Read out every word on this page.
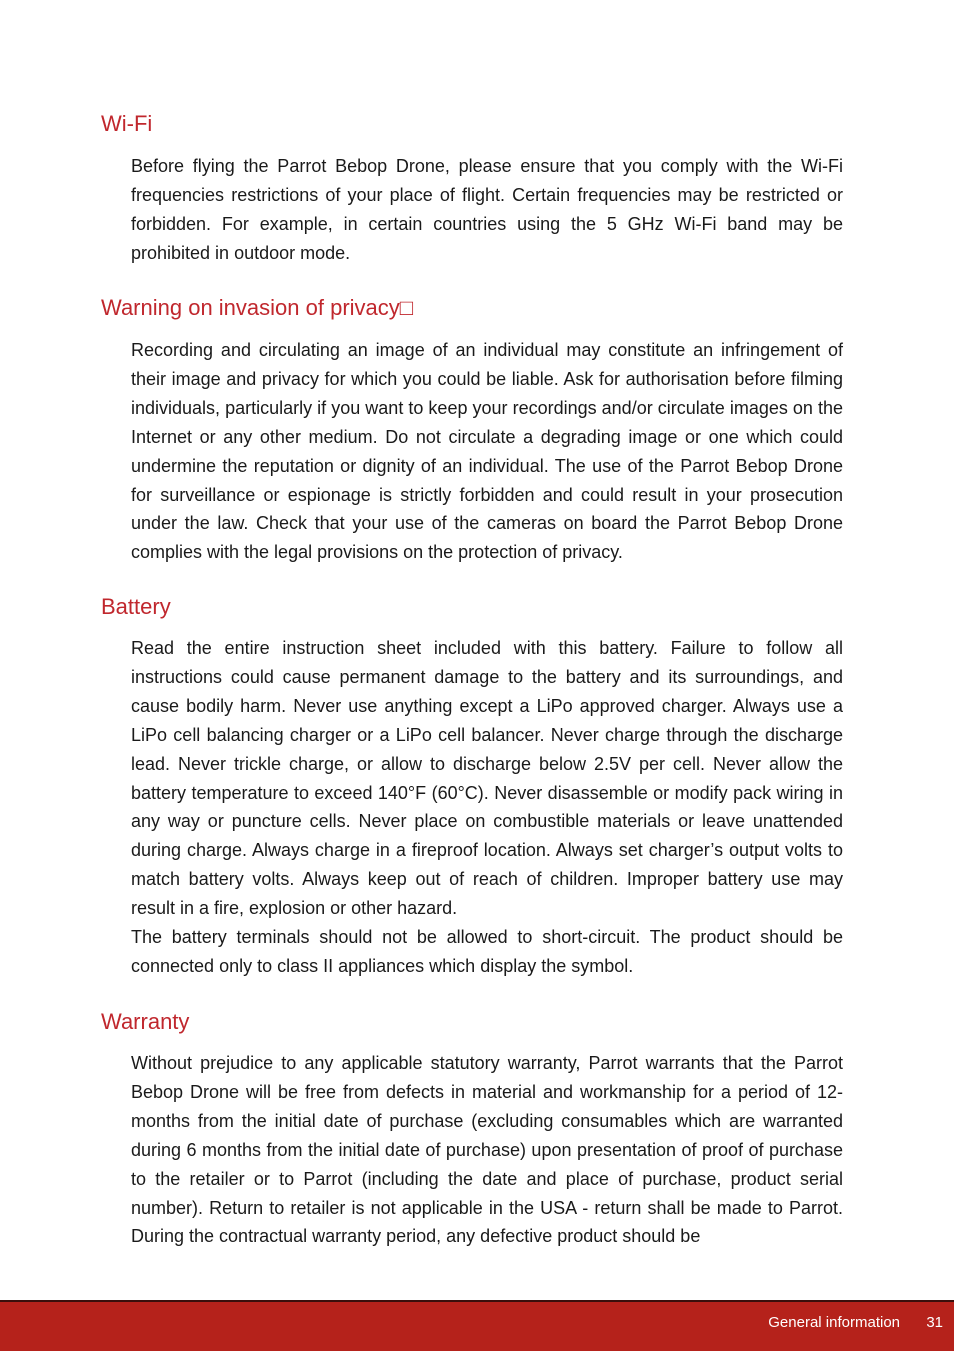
Wi-Fi

Before flying the Parrot Bebop Drone, please ensure that you comply with the Wi-Fi frequencies restrictions of your place of flight. Certain frequencies may be restricted or forbidden. For example, in certain countries using the 5 GHz Wi-Fi band may be prohibited in outdoor mode.

Warning on invasion of privacy□

Recording and circulating an image of an individual may constitute an infringement of their image and privacy for which you could be liable. Ask for authorisation before filming individuals, particularly if you want to keep your recordings and/or circulate images on the Internet or any other medium. Do not circulate a degrading image or one which could undermine the reputation or dignity of an individual. The use of the Parrot Bebop Drone for surveillance or espionage is strictly forbidden and could result in your prosecution under the law. Check that your use of the cameras on board the Parrot Bebop Drone complies with the legal provisions on the protection of privacy.

Battery

Read the entire instruction sheet included with this battery. Failure to follow all instructions could cause permanent damage to the battery and its surroundings, and cause bodily harm. Never use anything except a LiPo approved charger. Always use a LiPo cell balancing charger or a LiPo cell balancer. Never charge through the discharge lead. Never trickle charge, or allow to discharge below 2.5V per cell. Never allow the battery temperature to exceed 140°F (60°C). Never disassemble or modify pack wiring in any way or puncture cells. Never place on combustible materials or leave unattended during charge. Always charge in a fireproof location. Always set charger’s output volts to match battery volts. Always keep out of reach of children. Improper battery use may result in a fire, explosion or other hazard.

The battery terminals should not be allowed to short-circuit. The product should be connected only to class II appliances which display the symbol.

Warranty

Without prejudice to any applicable statutory warranty, Parrot warrants that the Parrot Bebop Drone will be free from defects in material and workmanship for a period of 12-months from the initial date of purchase (excluding consumables which are warranted during 6 months from the initial date of purchase) upon presentation of proof of purchase to the retailer or to Parrot (including the date and place of purchase, product serial number). Return to retailer is not applicable in the USA - return shall be made to Parrot. During the contractual warranty period, any defective product should be

General information 31
